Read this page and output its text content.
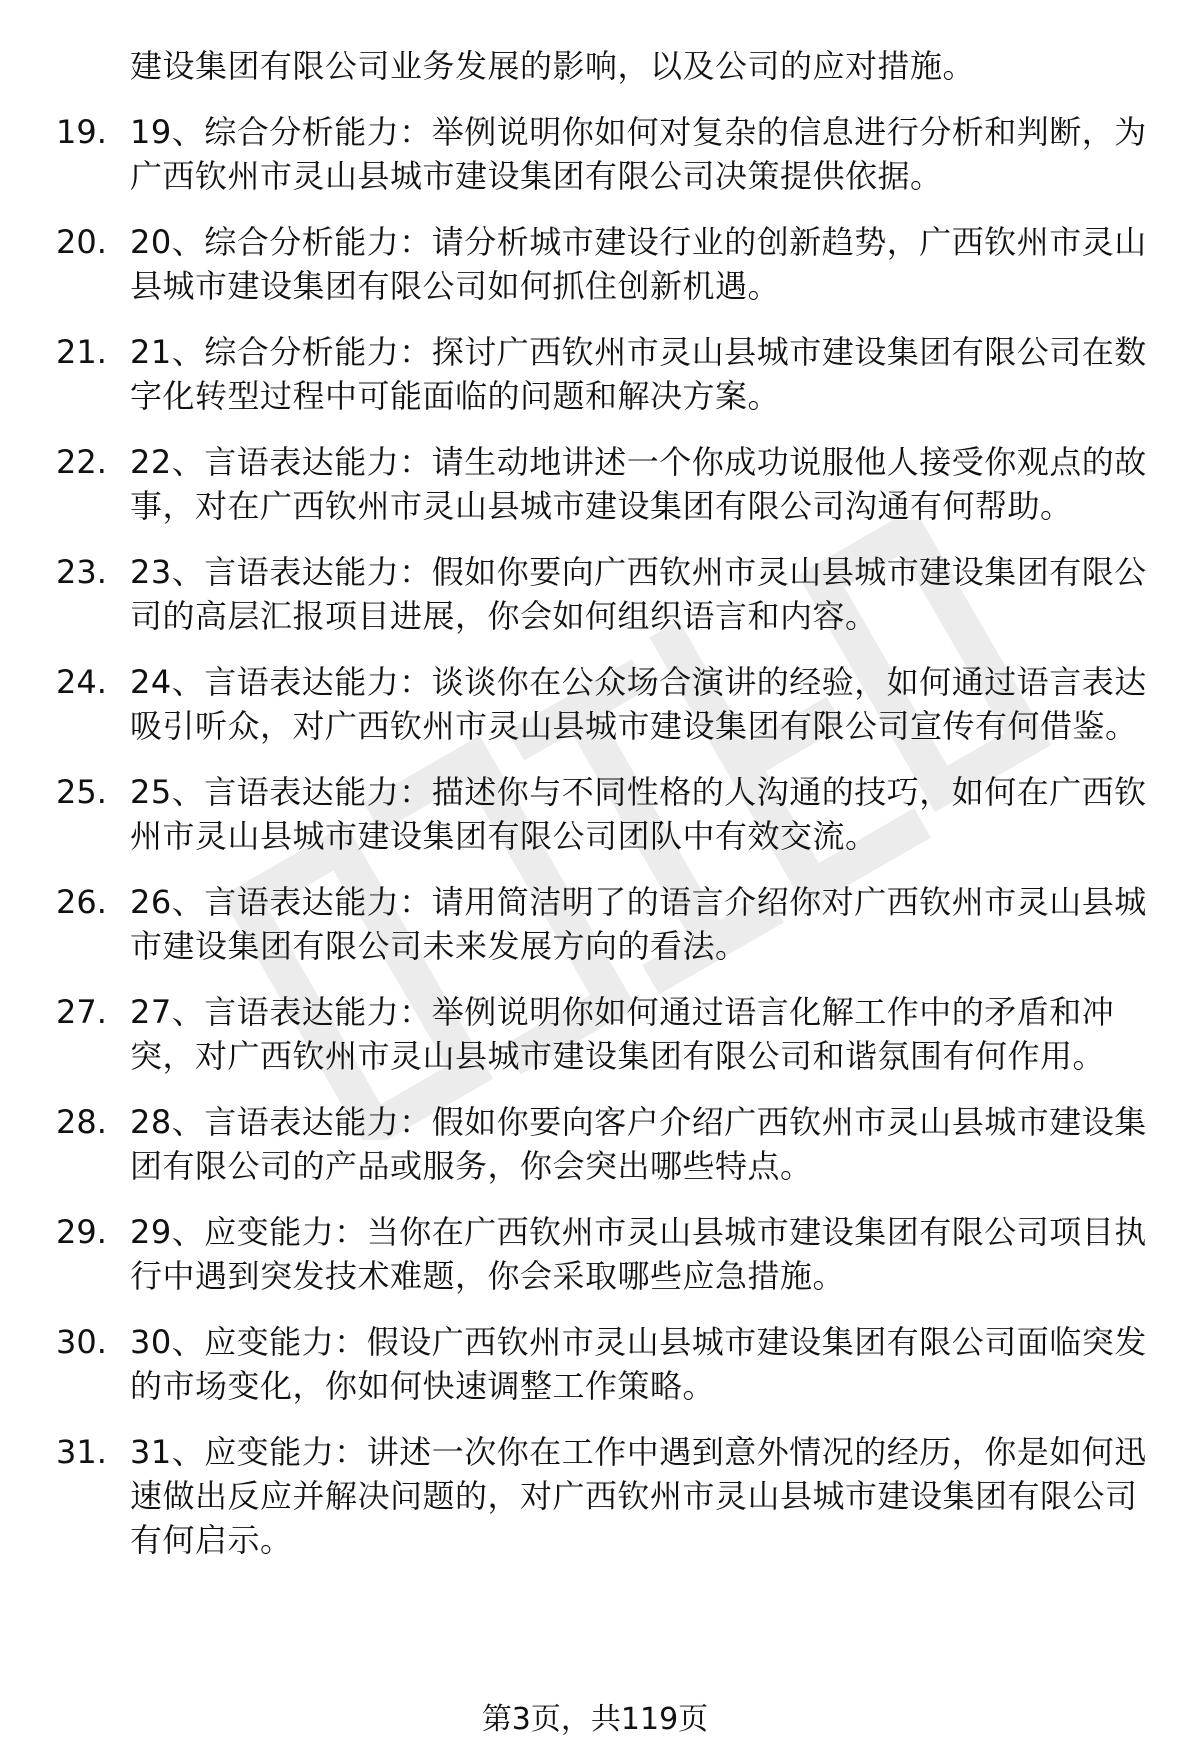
建设集团有限公司业务发展的影响，以及公司的应对措施。

19. 19、综合分析能力：举例说明你如何对复杂的信息进行分析和判断，为广西钦州市灵山县城市建设集团有限公司决策提供依据。
20. 20、综合分析能力：请分析城市建设行业的创新趋势，广西钦州市灵山县城市建设集团有限公司如何抓住创新机遇。
21. 21、综合分析能力：探讨广西钦州市灵山县城市建设集团有限公司在数字化转型过程中可能面临的问题和解决方案。
22. 22、言语表达能力：请生动地讲述一个你成功说服他人接受你观点的故事，对在广西钦州市灵山县城市建设集团有限公司沟通有何帮助。
23. 23、言语表达能力：假如你要向广西钦州市灵山县城市建设集团有限公司的高层汇报项目进展，你会如何组织语言和内容。
24. 24、言语表达能力：谈谈你在公众场合演讲的经验，如何通过语言表达吸引听众，对广西钦州市灵山县城市建设集团有限公司宣传有何借鉴。
25. 25、言语表达能力：描述你与不同性格的人沟通的技巧，如何在广西钦州市灵山县城市建设集团有限公司团队中有效交流。
26. 26、言语表达能力：请用简洁明了的语言介绍你对广西钦州市灵山县城市建设集团有限公司未来发展方向的看法。
27. 27、言语表达能力：举例说明你如何通过语言化解工作中的矛盾和冲突，对广西钦州市灵山县城市建设集团有限公司和谐氛围有何作用。
28. 28、言语表达能力：假如你要向客户介绍广西钦州市灵山县城市建设集团有限公司的产品或服务，你会突出哪些特点。
29. 29、应变能力：当你在广西钦州市灵山县城市建设集团有限公司项目执行中遇到突发技术难题，你会采取哪些应急措施。
30. 30、应变能力：假设广西钦州市灵山县城市建设集团有限公司面临突发的市场变化，你如何快速调整工作策略。
31. 31、应变能力：讲述一次你在工作中遇到意外情况的经历，你是如何迅速做出反应并解决问题的，对广西钦州市灵山县城市建设集团有限公司有何启示。
第3页，共119页
